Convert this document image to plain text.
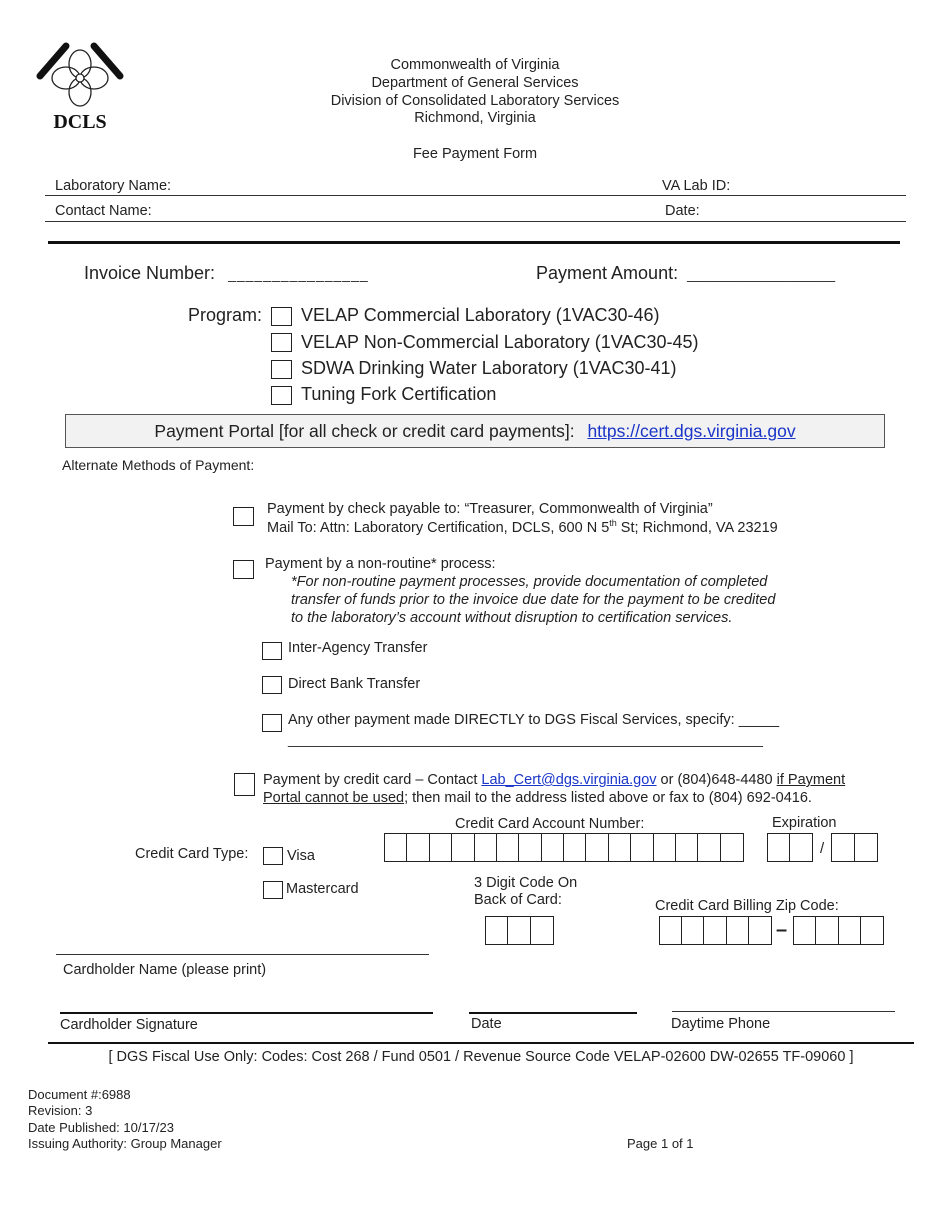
DCLS
Commonwealth of Virginia
Department of General Services
Division of Consolidated Laboratory Services
Richmond, Virginia
Fee Payment Form
Laboratory Name:	VA Lab ID:
Contact Name:	Date:
Invoice Number: ________________	Payment Amount: ___________________
Program: VELAP Commercial Laboratory (1VAC30-46)
VELAP Non-Commercial Laboratory (1VAC30-45)
SDWA Drinking Water Laboratory (1VAC30-41)
Tuning Fork Certification
Payment Portal [for all check or credit card payments]: https://cert.dgs.virginia.gov
Alternate Methods of Payment:
Payment by check payable to: “Treasurer, Commonwealth of Virginia”
Mail To: Attn: Laboratory Certification, DCLS, 600 N 5th St; Richmond, VA 23219
Payment by a non-routine* process:
*For non-routine payment processes, provide documentation of completed
transfer of funds prior to the invoice due date for the payment to be credited
to the laboratory’s account without disruption to certification services.
Inter-Agency Transfer
Direct Bank Transfer
Any other payment made DIRECTLY to DGS Fiscal Services, specify: _____
_____________________________________________________________
Payment by credit card – Contact Lab_Cert@dgs.virginia.gov or (804)648-4480 if Payment
Portal cannot be used; then mail to the address listed above or fax to (804) 692-0416.
Credit Card Account Number:	Expiration
Credit Card Type:	/
Visa
Mastercard	3 Digit Code On
Back of Card:	Credit Card Billing Zip Code:
–
Cardholder Name (please print)
Cardholder Signature	Date	Daytime Phone
[ DGS Fiscal Use Only: Codes: Cost 268 / Fund 0501 / Revenue Source Code VELAP-02600 DW-02655 TF-09060 ]
Document #:6988
Revision: 3
Date Published: 10/17/23
Issuing Authority: Group Manager	Page 1 of 1
